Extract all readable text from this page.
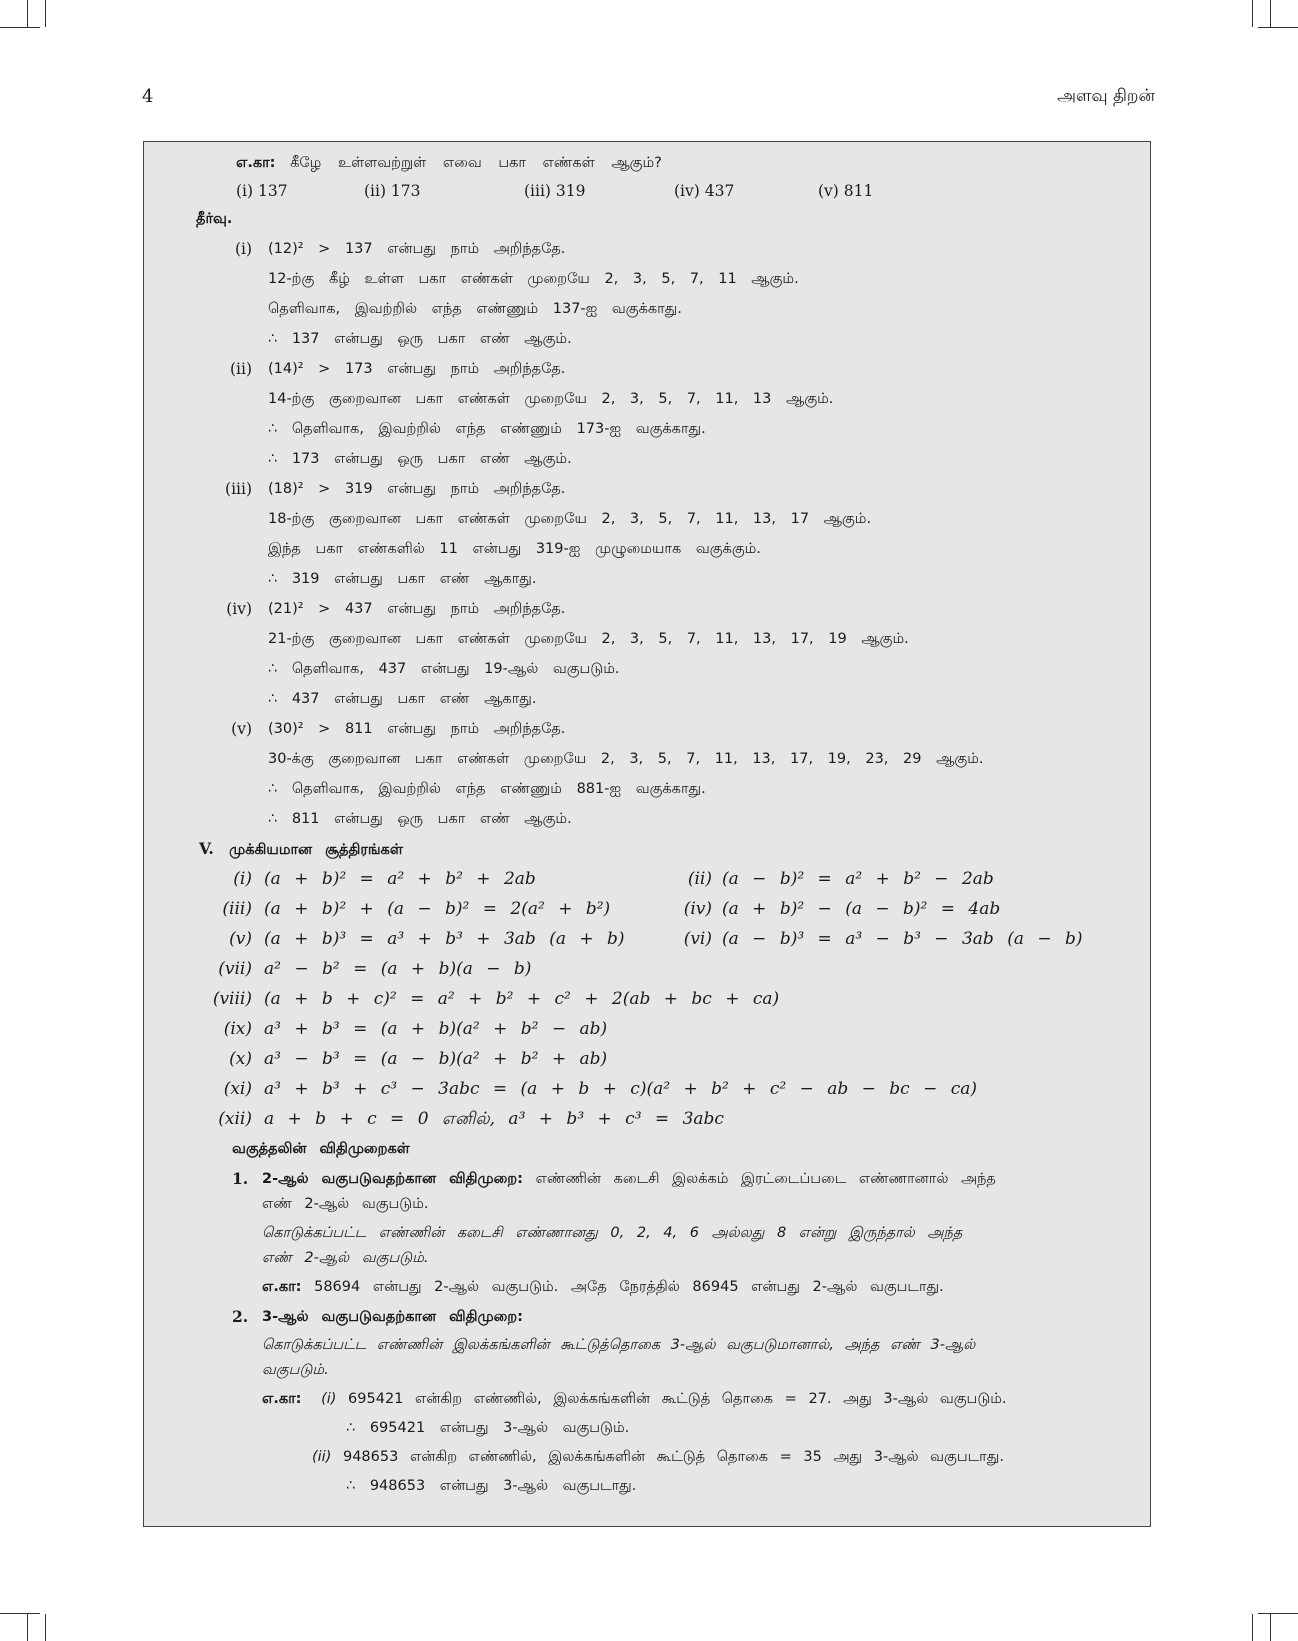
4	அளவு திறன்
எ.கா: கீழே உள்ளவற்றுள் எவை பகா எண்கள் ஆகும்?
(i) 137	(ii) 173	(iii) 319	(iv) 437	(v) 811
தீர்வு.
(i) (12)² > 137 என்பது நாம் அறிந்ததே.
12-ற்கு கீழ் உள்ள பகா எண்கள் முறையே 2, 3, 5, 7, 11 ஆகும்.
தெளிவாக, இவற்றில் எந்த எண்ணும் 137-ஐ வகுக்காது.
∴ 137 என்பது ஒரு பகா எண் ஆகும்.
(ii) (14)² > 173 என்பது நாம் அறிந்ததே.
14-ற்கு குறைவான பகா எண்கள் முறையே 2, 3, 5, 7, 11, 13 ஆகும்.
∴ தெளிவாக, இவற்றில் எந்த எண்ணும் 173-ஐ வகுக்காது.
∴ 173 என்பது ஒரு பகா எண் ஆகும்.
(iii) (18)² > 319 என்பது நாம் அறிந்ததே.
18-ற்கு குறைவான பகா எண்கள் முறையே 2, 3, 5, 7, 11, 13, 17 ஆகும்.
இந்த பகா எண்களில் 11 என்பது 319-ஐ முழுமையாக வகுக்கும்.
∴ 319 என்பது பகா எண் ஆகாது.
(iv) (21)² > 437 என்பது நாம் அறிந்ததே.
21-ற்கு குறைவான பகா எண்கள் முறையே 2, 3, 5, 7, 11, 13, 17, 19 ஆகும்.
∴ தெளிவாக, 437 என்பது 19-ஆல் வகுபடும்.
∴ 437 என்பது பகா எண் ஆகாது.
(v) (30)² > 811 என்பது நாம் அறிந்ததே.
30-க்கு குறைவான பகா எண்கள் முறையே 2, 3, 5, 7, 11, 13, 17, 19, 23, 29 ஆகும்.
∴ தெளிவாக, இவற்றில் எந்த எண்ணும் 881-ஐ வகுக்காது.
∴ 811 என்பது ஒரு பகா எண் ஆகும்.
V. முக்கியமான சூத்திரங்கள்
(i) (a + b)² = a² + b² + 2ab	(ii) (a − b)² = a² + b² − 2ab
(iii) (a + b)² + (a − b)² = 2(a² + b²)	(iv) (a + b)² − (a − b)² = 4ab
(v) (a + b)³ = a³ + b³ + 3ab (a + b)	(vi) (a − b)³ = a³ − b³ − 3ab (a − b)
(vii) a² − b² = (a + b)(a − b)
(viii) (a + b + c)² = a² + b² + c² + 2(ab + bc + ca)
(ix) a³ + b³ = (a + b)(a² + b² − ab)
(x) a³ − b³ = (a − b)(a² + b² + ab)
(xi) a³ + b³ + c³ − 3abc = (a + b + c)(a² + b² + c² − ab − bc − ca)
(xii) a + b + c = 0 எனில், a³ + b³ + c³ = 3abc
வகுத்தலின் விதிமுறைகள்
1. 2-ஆல் வகுபடுவதற்கான விதிமுறை: எண்ணின் கடைசி இலக்கம் இரட்டைப்படை எண்ணானால் அந்த
எண் 2-ஆல் வகுபடும்.
கொடுக்கப்பட்ட எண்ணின் கடைசி எண்ணானது 0, 2, 4, 6 அல்லது 8 என்று இருந்தால் அந்த
எண் 2-ஆல் வகுபடும்.
எ.கா: 58694 என்பது 2-ஆல் வகுபடும். அதே நேரத்தில் 86945 என்பது 2-ஆல் வகுபடாது.
2. 3-ஆல் வகுபடுவதற்கான விதிமுறை:
கொடுக்கப்பட்ட எண்ணின் இலக்கங்களின் கூட்டுத்தொகை 3-ஆல் வகுபடுமானால், அந்த எண் 3-ஆல்
வகுபடும்.
எ.கா: (i) 695421 என்கிற எண்ணில், இலக்கங்களின் கூட்டுத் தொகை = 27. அது 3-ஆல் வகுபடும்.
∴ 695421 என்பது 3-ஆல் வகுபடும்.
(ii) 948653 என்கிற எண்ணில், இலக்கங்களின் கூட்டுத் தொகை = 35 அது 3-ஆல் வகுபடாது.
∴ 948653 என்பது 3-ஆல் வகுபடாது.
